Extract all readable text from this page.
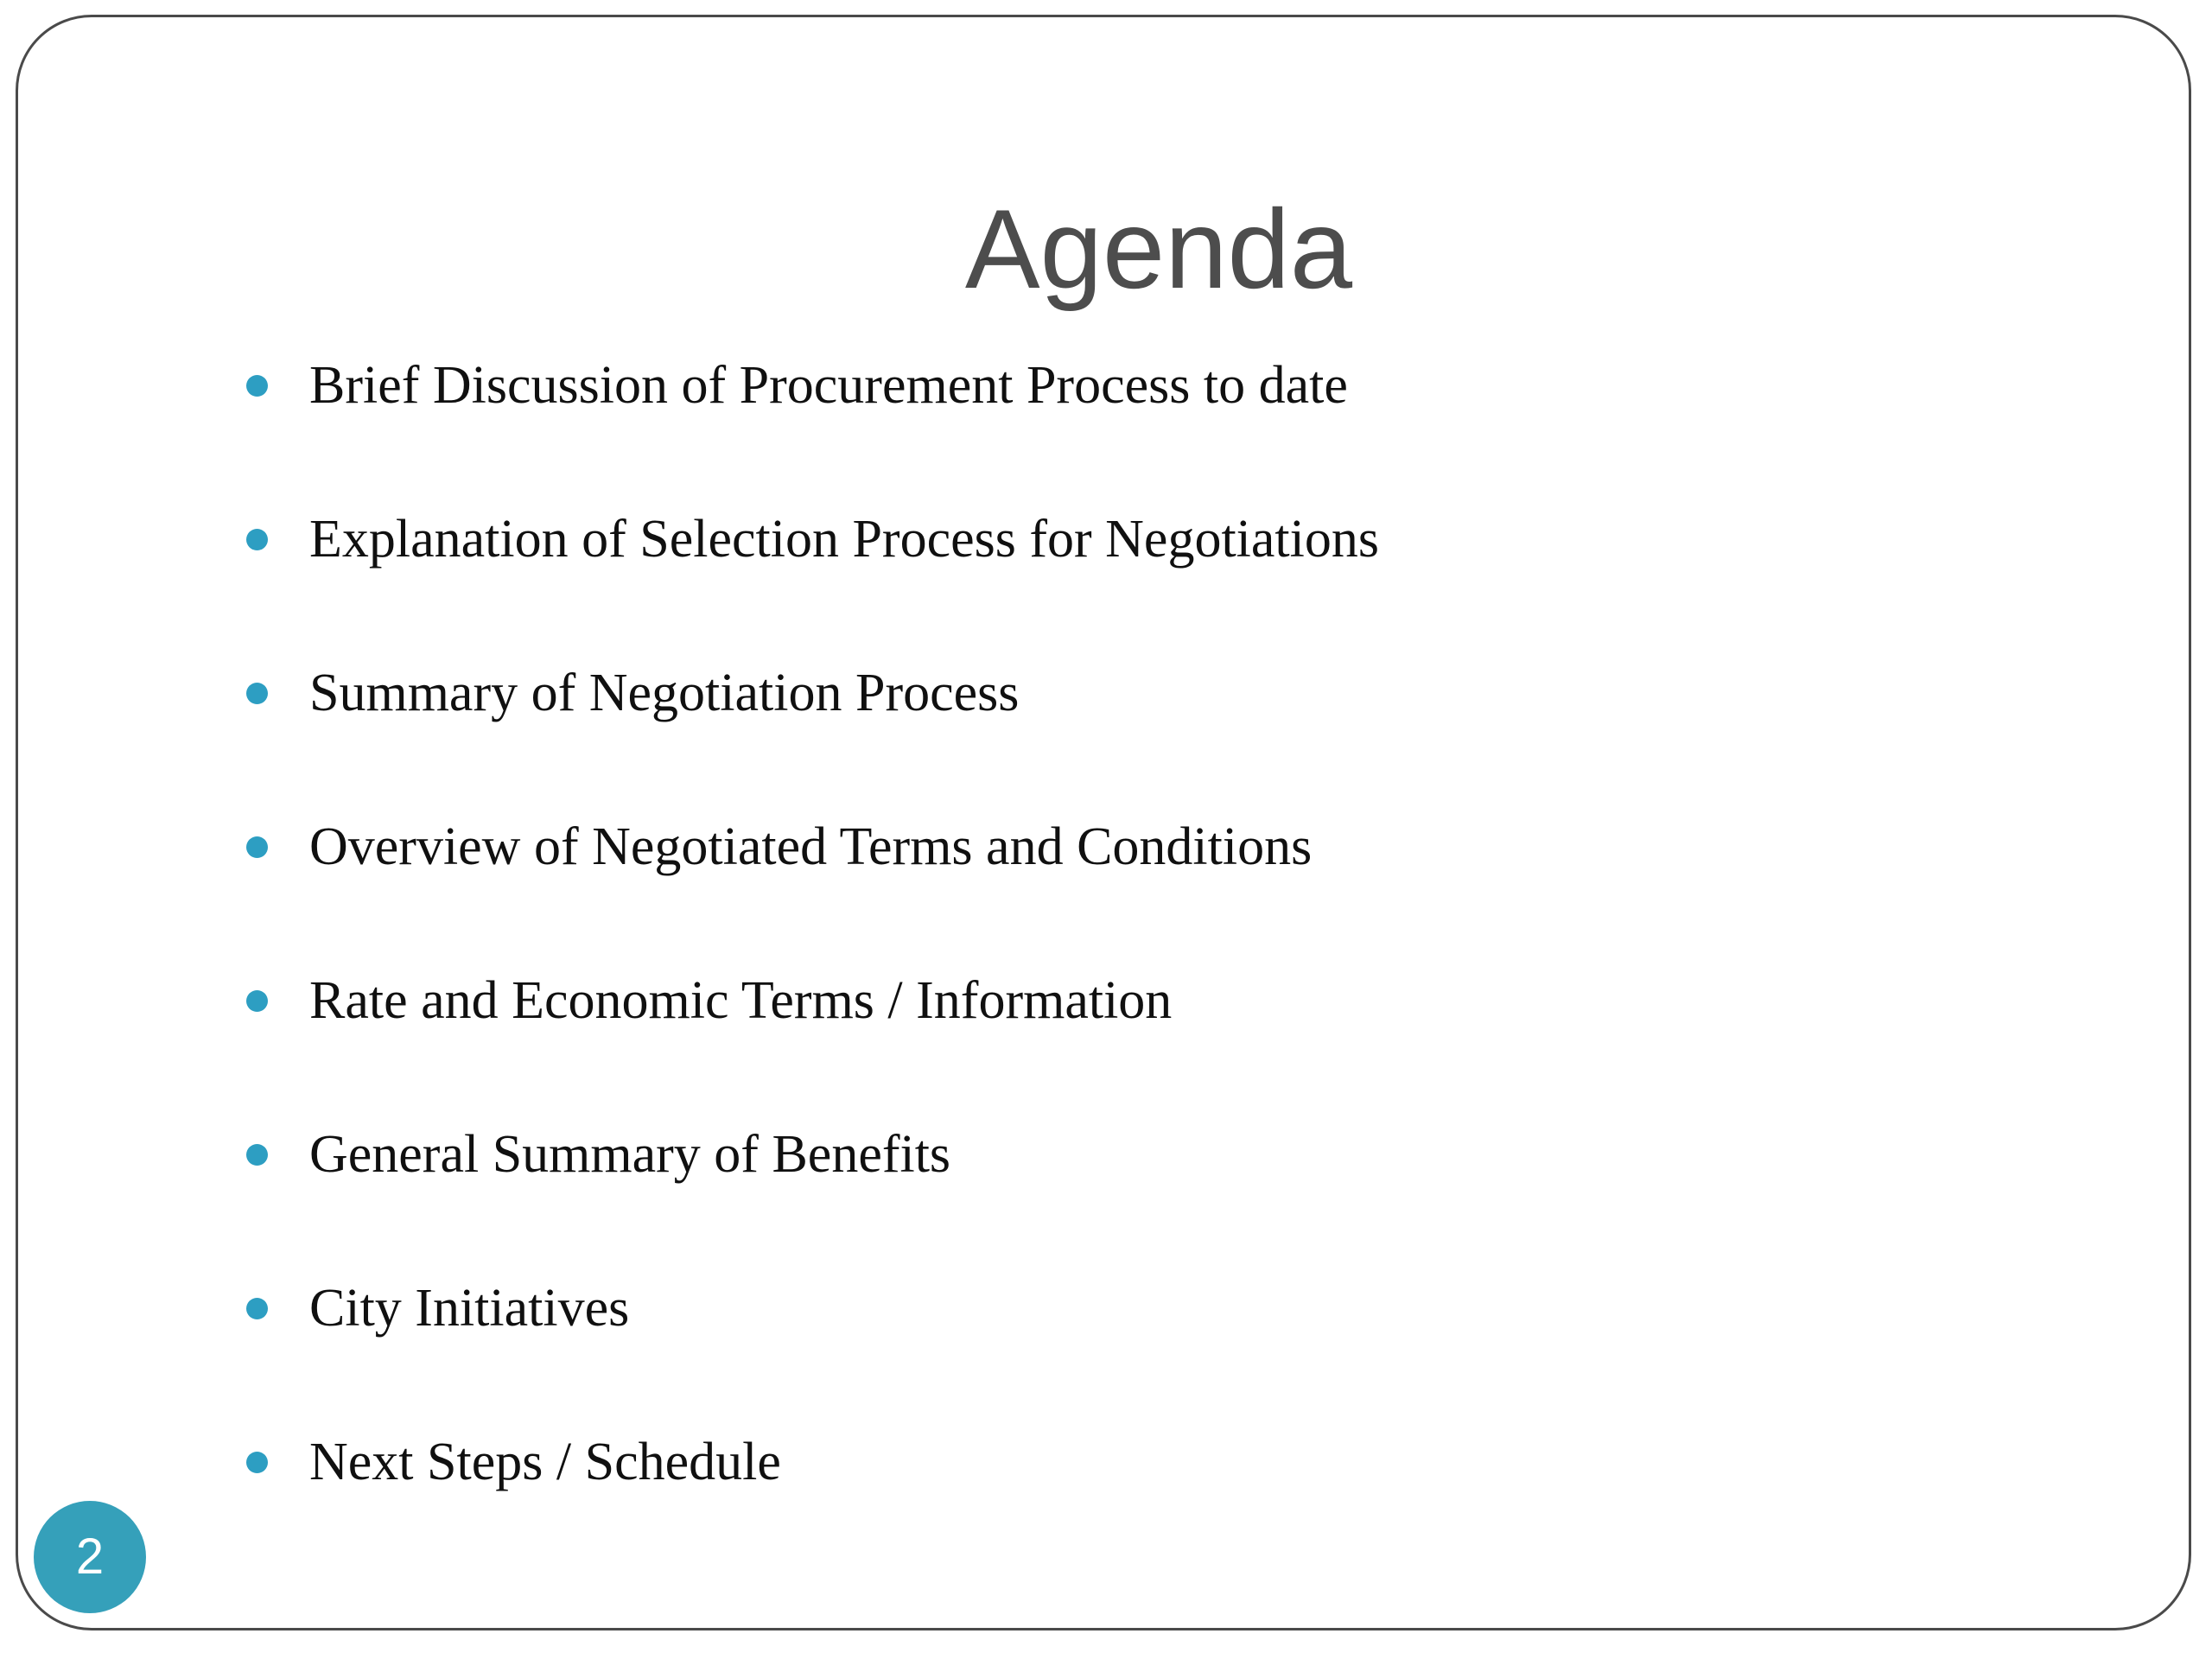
Agenda
Brief Discussion of Procurement Process to date
Explanation of Selection Process for Negotiations
Summary of Negotiation Process
Overview of Negotiated Terms and Conditions
Rate and Economic Terms / Information
General Summary of Benefits
City Initiatives
Next Steps / Schedule
2
